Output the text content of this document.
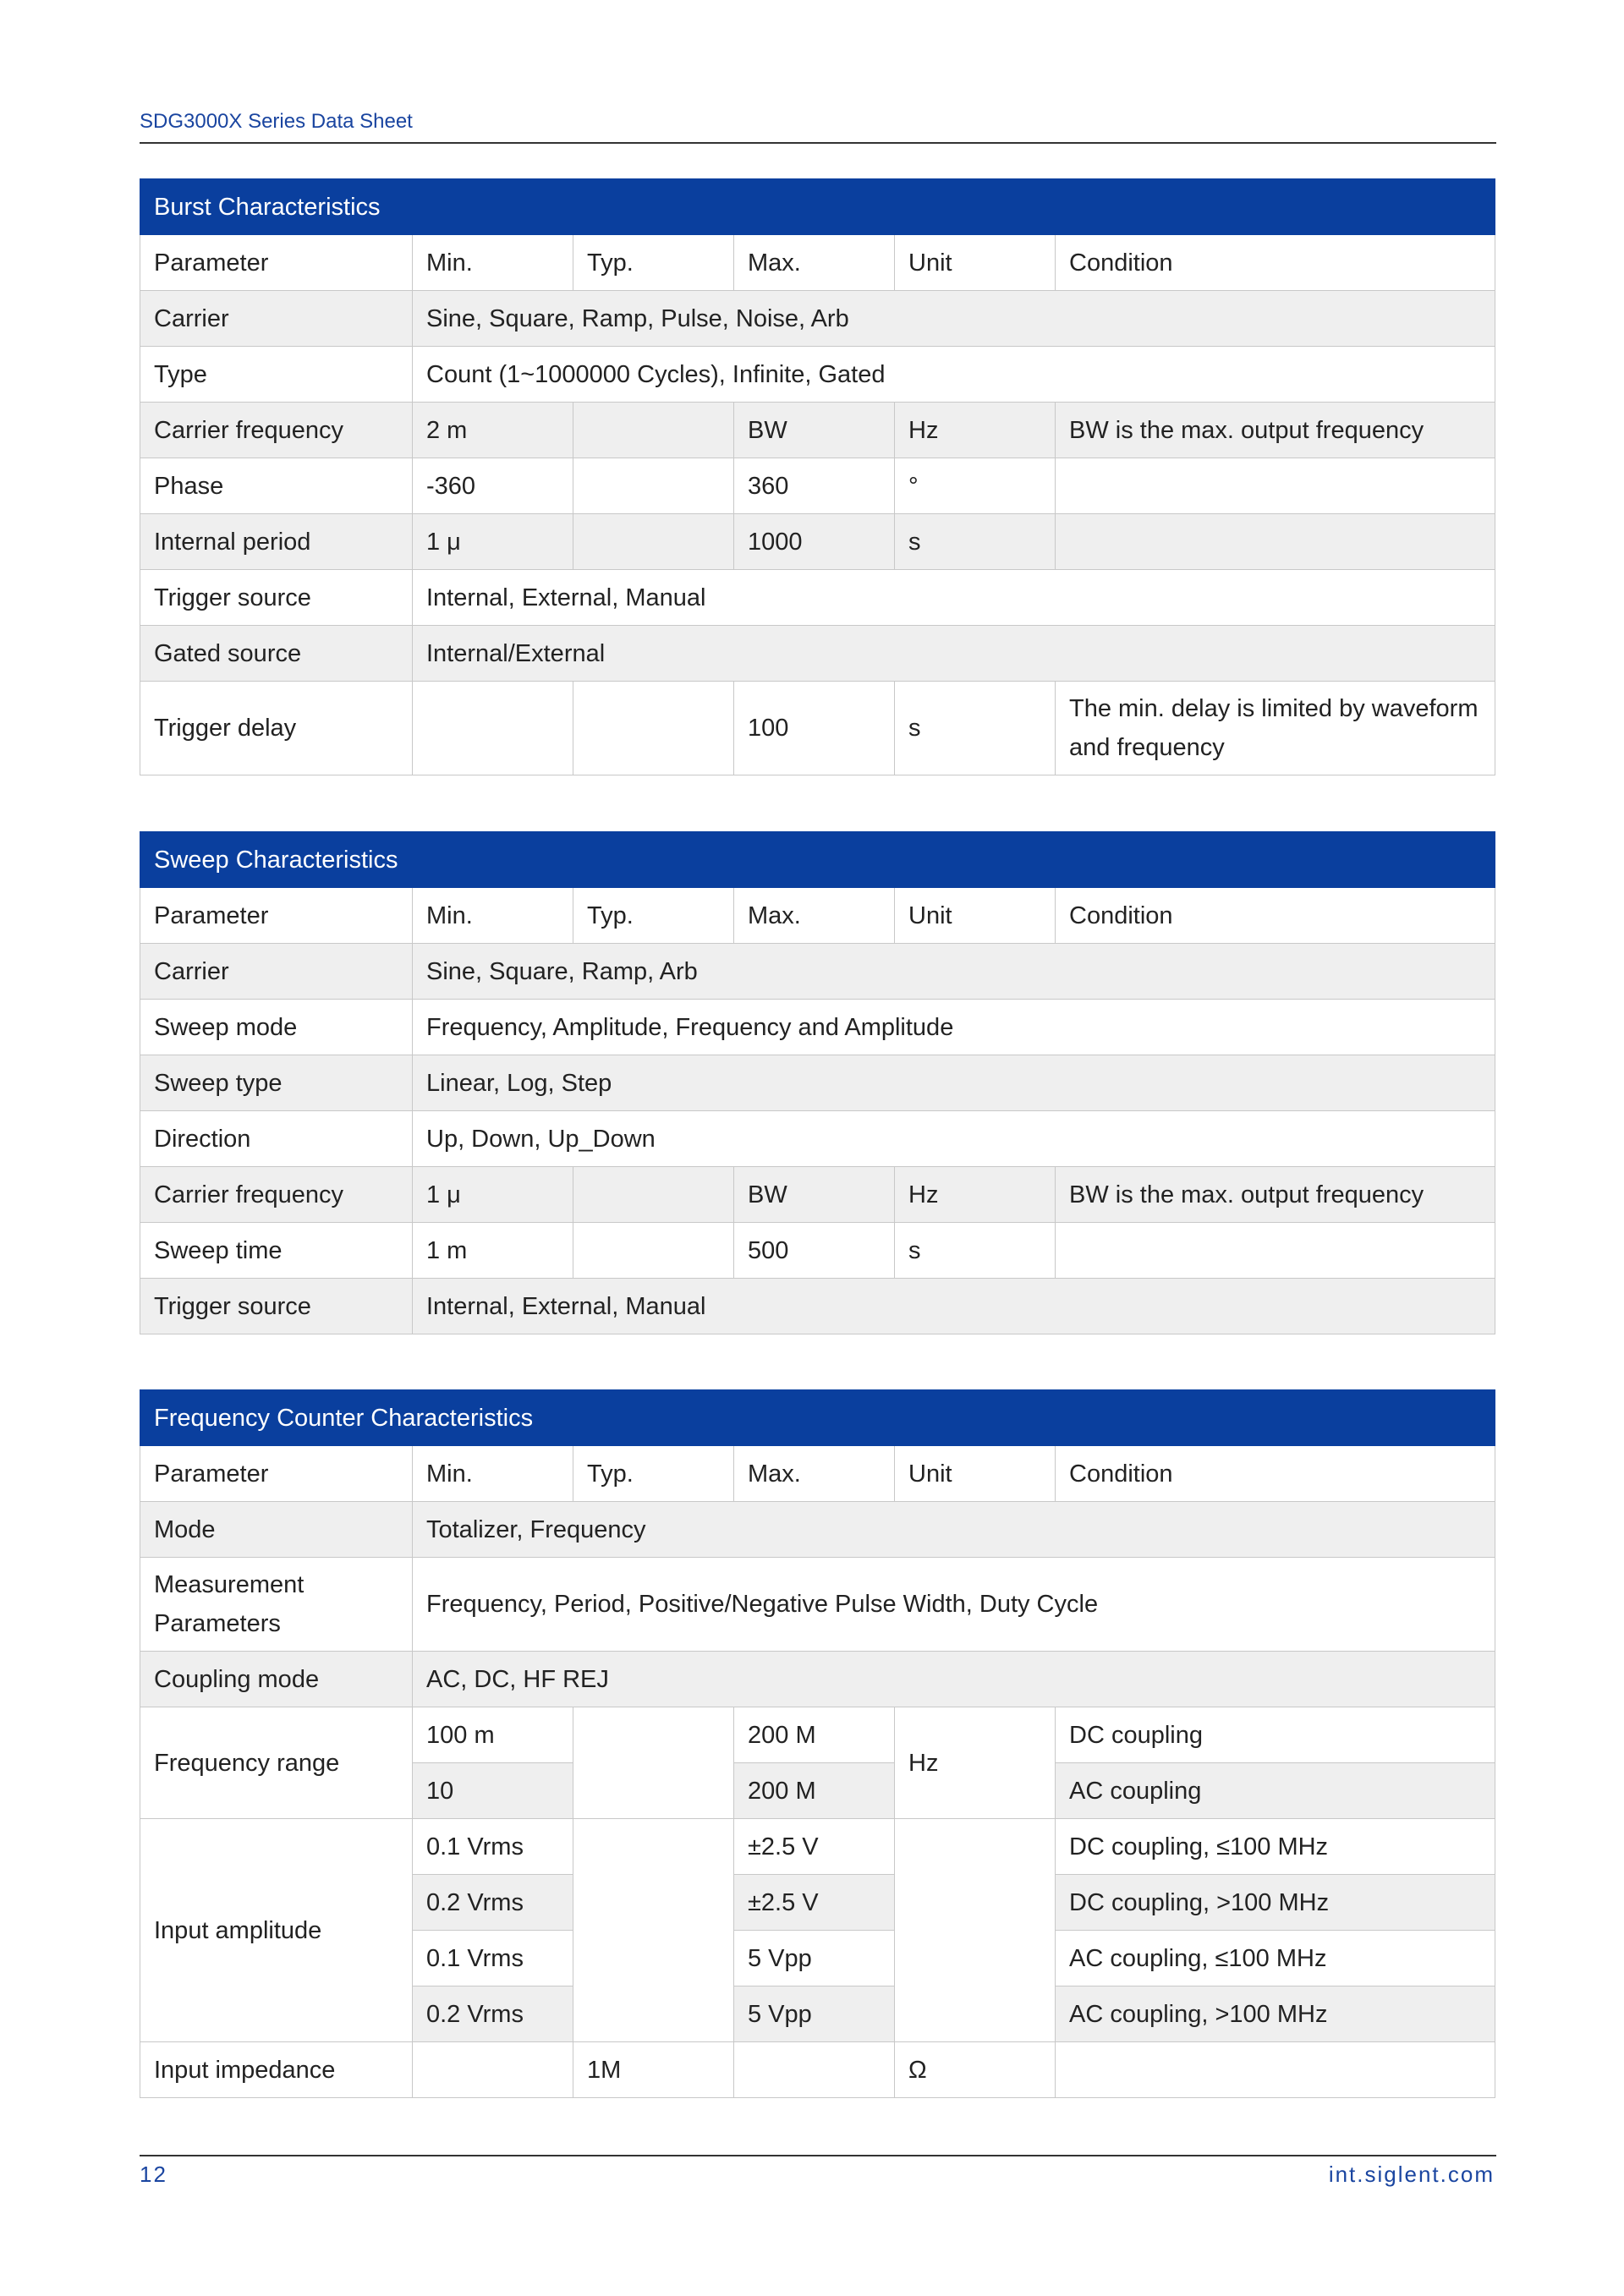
SDG3000X Series Data Sheet
Burst Characteristics					
Parameter	Min.	Typ.	Max.	Unit	Condition
Carrier	Sine, Square, Ramp, Pulse, Noise, Arb				
Type	Count (1~1000000 Cycles), Infinite, Gated				
Carrier frequency	2 m		BW	Hz	BW is the max. output frequency
Phase	-360		360	°	
Internal period	1 μ		1000	s	
Trigger source	Internal, External, Manual				
Gated source	Internal/External				
Trigger delay			100	s	The min. delay is limited by waveform and frequency
Sweep Characteristics					
Parameter	Min.	Typ.	Max.	Unit	Condition
Carrier	Sine, Square, Ramp, Arb				
Sweep mode	Frequency, Amplitude, Frequency and Amplitude				
Sweep type	Linear, Log, Step				
Direction	Up, Down, Up_Down				
Carrier frequency	1 μ		BW	Hz	BW is the max. output frequency
Sweep time	1 m		500	s	
Trigger source	Internal, External, Manual				
Frequency Counter Characteristics					
Parameter	Min.	Typ.	Max.	Unit	Condition
Mode	Totalizer, Frequency				
Measurement Parameters	Frequency, Period, Positive/Negative Pulse Width, Duty Cycle				
Coupling mode	AC, DC, HF REJ				
Frequency range	100 m		200 M	Hz	DC coupling
	10		200 M		AC coupling
Input amplitude	0.1 Vrms		±2.5 V		DC coupling, ≤100 MHz
	0.2 Vrms		±2.5 V		DC coupling, >100 MHz
	0.1 Vrms		5 Vpp		AC coupling, ≤100 MHz
	0.2 Vrms		5 Vpp		AC coupling, >100 MHz
Input impedance		1M		Ω	
12	int.siglent.com
